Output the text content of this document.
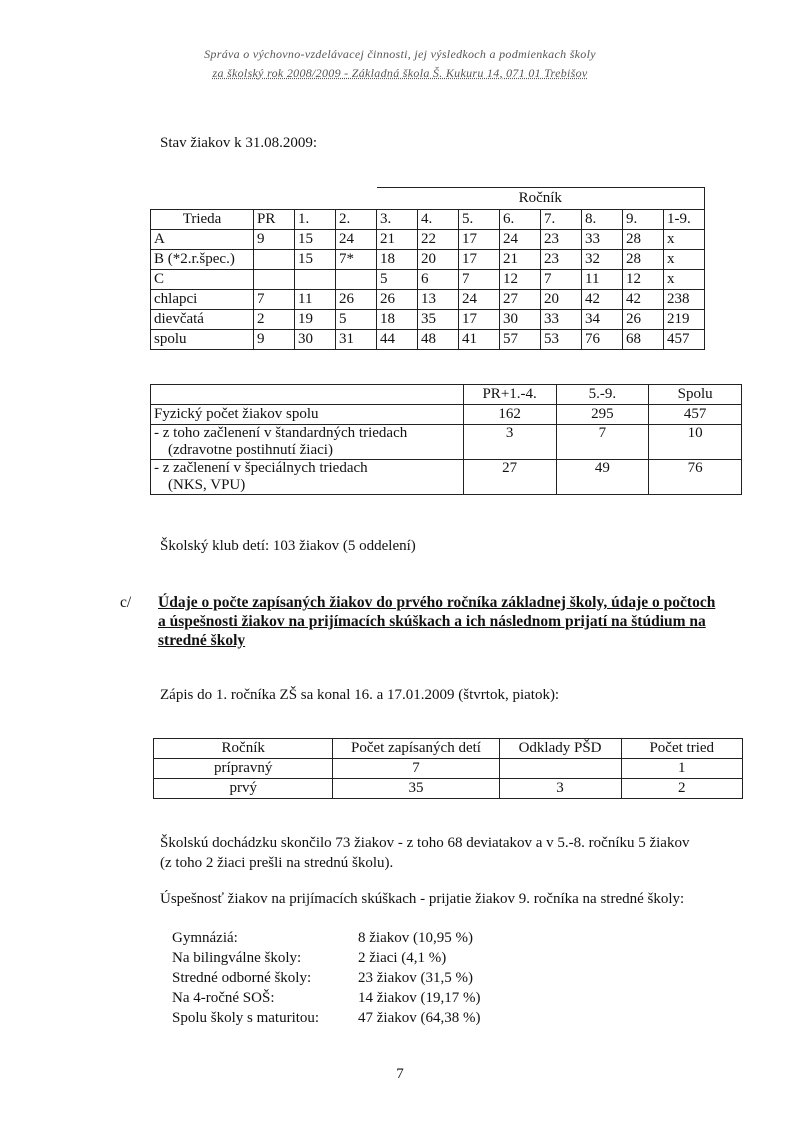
Správa o výchovno-vzdelávacej činnosti, jej výsledkoch a podmienkach školy
za školský rok 2008/2009 - Základná škola Š. Kukuru 14, 071 01 Trebišov
Stav žiakov k 31.08.2009:
				Ročník							
Trieda	PR	1.	2.	3.	4.	5.	6.	7.	8.	9.	1-9.
A	9	15	24	21	22	17	24	23	33	28	x
B (*2.r.špec.)		15	7*	18	20	17	21	23	32	28	x
C				5	6	7	12	7	11	12	x
chlapci	7	11	26	26	13	24	27	20	42	42	238
dievčatá	2	19	5	18	35	17	30	33	34	26	219
spolu	9	30	31	44	48	41	57	53	76	68	457
	PR+1.-4.	5.-9.	Spolu
Fyzický počet žiakov spolu	162	295	457

- z toho začlenení v štandardných triedach
(zdravotne postihnutí žiaci)	3	7	10

- z začlenení v špeciálnych triedach
(NKS, VPU)	27	49	76
Školský klub detí: 103 žiakov (5 oddelení)
c/ Údaje o počte zapísaných žiakov do prvého ročníka základnej školy, údaje o počtoch
a úspešnosti žiakov na prijímacích skúškach a ich následnom prijatí na štúdium na
stredné školy
Zápis do 1. ročníka ZŠ sa konal 16. a 17.01.2009 (štvrtok, piatok):
Ročník	Počet zapísaných detí	Odklady PŠD	Počet tried
prípravný	7		1
prvý	35	3	2
Školskú dochádzku skončilo 73 žiakov - z toho 68 deviatakov a v 5.-8. ročníku 5 žiakov
(z toho 2 žiaci prešli na strednú školu).
Úspešnosť žiakov na prijímacích skúškach - prijatie žiakov 9. ročníka na stredné školy:
Gymnáziá:	8 žiakov (10,95 %)
Na bilingválne školy:	2 žiaci (4,1 %)
Stredné odborné školy:	23 žiakov (31,5 %)
Na 4-ročné SOŠ:	14 žiakov (19,17 %)
Spolu školy s maturitou:	47 žiakov (64,38 %)
7
